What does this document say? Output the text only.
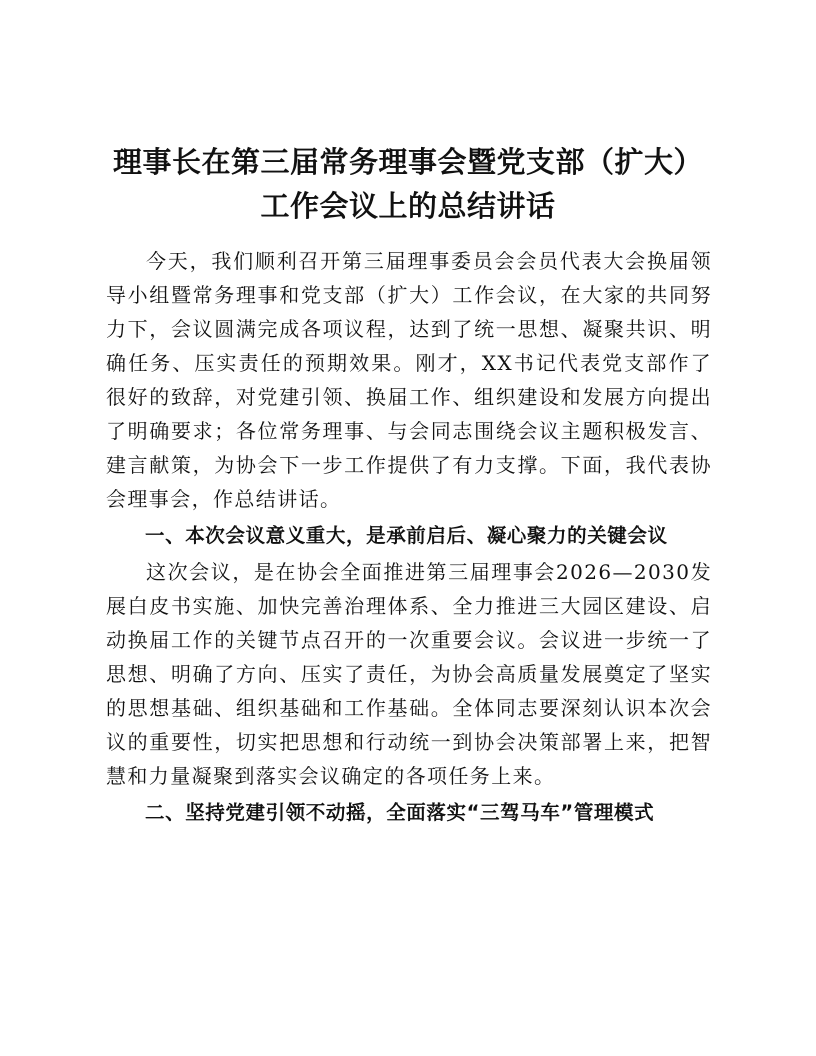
理事长在第三届常务理事会暨党支部（扩大）
工作会议上的总结讲话

今天，我们顺利召开第三届理事委员会会员代表大会换届领导小组暨常务理事和党支部（扩大）工作会议，在大家的共同努力下，会议圆满完成各项议程，达到了统一思想、凝聚共识、明确任务、压实责任的预期效果。刚才，XX书记代表党支部作了很好的致辞，对党建引领、换届工作、组织建设和发展方向提出了明确要求；各位常务理事、与会同志围绕会议主题积极发言、建言献策，为协会下一步工作提供了有力支撑。下面，我代表协会理事会，作总结讲话。

一、本次会议意义重大，是承前启后、凝心聚力的关键会议

这次会议，是在协会全面推进第三届理事会2026—2030发展白皮书实施、加快完善治理体系、全力推进三大园区建设、启动换届工作的关键节点召开的一次重要会议。会议进一步统一了思想、明确了方向、压实了责任，为协会高质量发展奠定了坚实的思想基础、组织基础和工作基础。全体同志要深刻认识本次会议的重要性，切实把思想和行动统一到协会决策部署上来，把智慧和力量凝聚到落实会议确定的各项任务上来。

二、坚持党建引领不动摇，全面落实“三驾马车”管理模式
